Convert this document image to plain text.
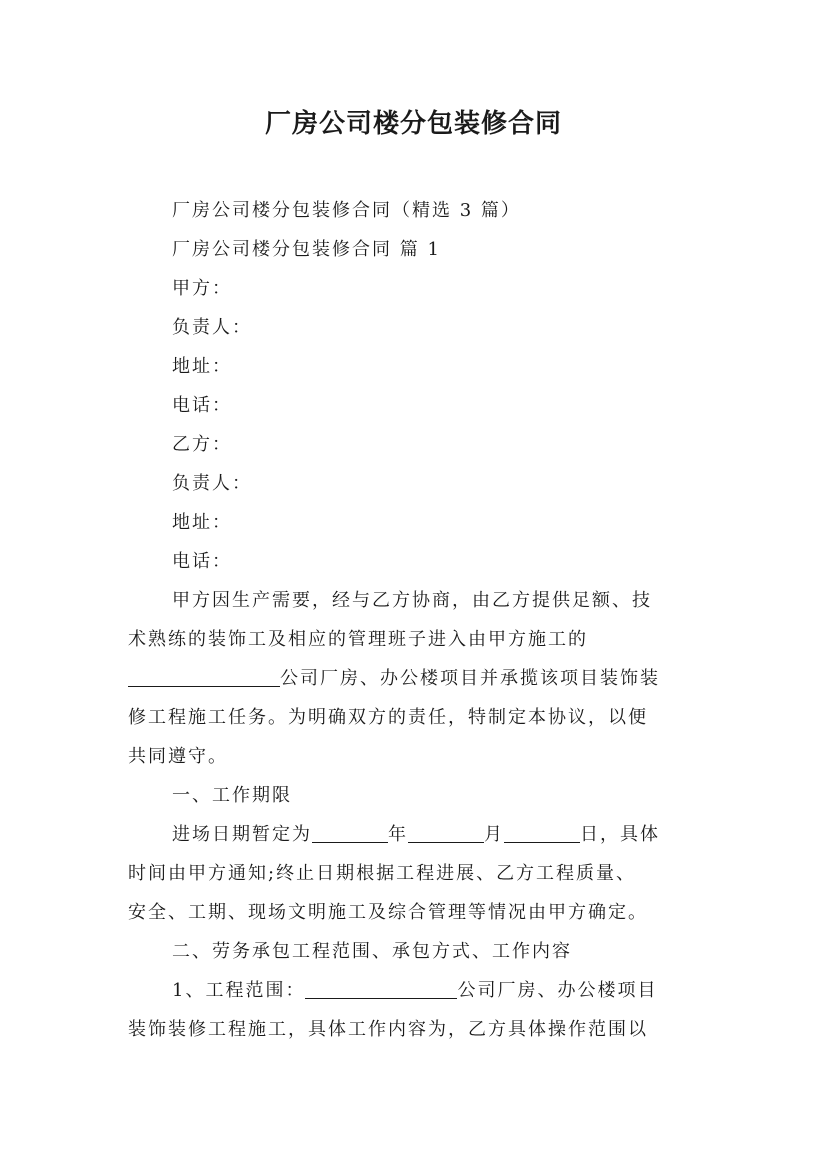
厂房公司楼分包装修合同
厂房公司楼分包装修合同（精选 3 篇）
厂房公司楼分包装修合同 篇 1
甲方：
负责人：
地址：
电话：
乙方：
负责人：
地址：
电话：
甲方因生产需要，经与乙方协商，由乙方提供足额、技
术熟练的装饰工及相应的管理班子进入由甲方施工的
公司厂房、办公楼项目并承揽该项目装饰装
修工程施工任务。为明确双方的责任，特制定本协议，以便
共同遵守。
一、工作期限
进场日期暂定为	年	月	日，具体
时间由甲方通知;终止日期根据工程进展、乙方工程质量、
安全、工期、现场文明施工及综合管理等情况由甲方确定。
二、劳务承包工程范围、承包方式、工作内容
1、工程范围：	公司厂房、办公楼项目
装饰装修工程施工，具体工作内容为，乙方具体操作范围以
